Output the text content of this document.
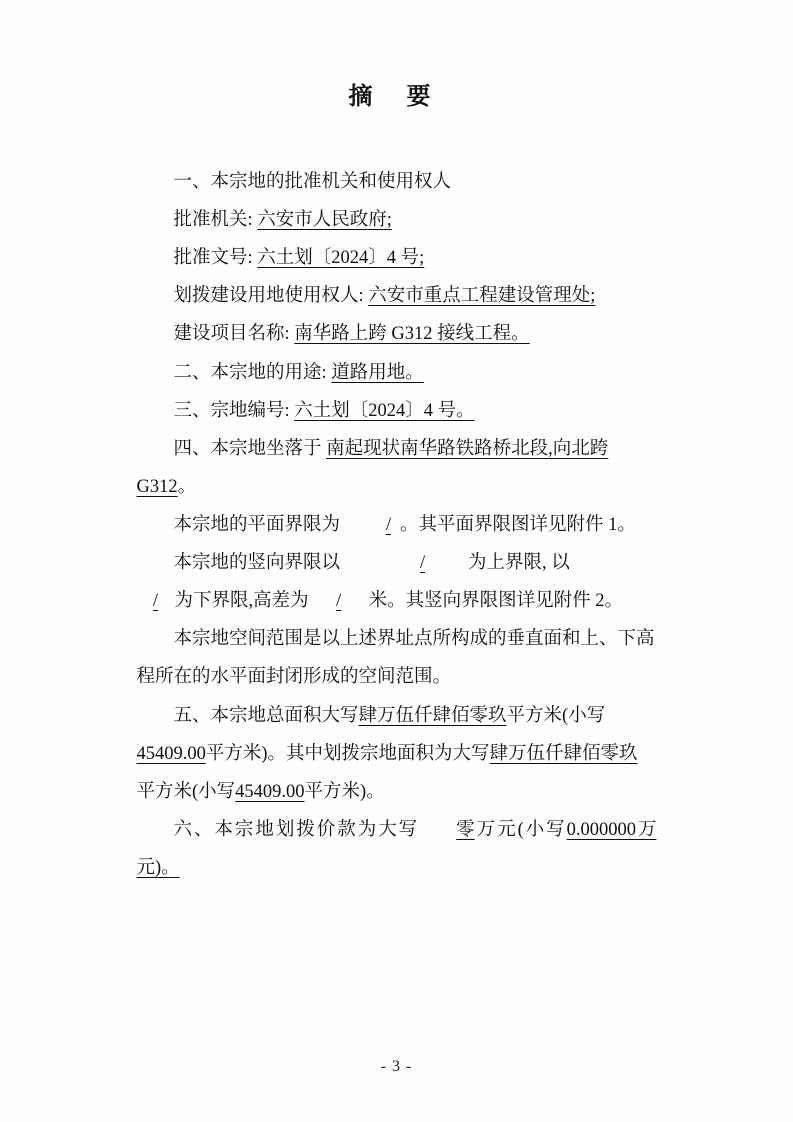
摘 要

一、本宗地的批准机关和使用权人

批准机关: 六安市人民政府;

批准文号: 六土划〔2024〕4 号;

划拨建设用地使用权人: 六安市重点工程建设管理处;

建设项目名称: 南华路上跨 G312 接线工程。

二、本宗地的用途: 道路用地。

三、宗地编号: 六土划〔2024〕4 号。

四、本宗地坐落于 南起现状南华路铁路桥北段,向北跨

G312。

本宗地的平面界限为 / 。其平面界限图详见附件 1。

本宗地的竖向界限以	/ 为上界限, 以

/ 为下界限,高差为 / 米。其竖向界限图详见附件 2。

本宗地空间范围是以上述界址点所构成的垂直面和上、下高

程所在的水平面封闭形成的空间范围。

五、本宗地总面积大写肆万伍仟肆佰零玖平方米(小写

45409.00平方米)。其中划拨宗地面积为大写肆万伍仟肆佰零玖

平方米(小写45409.00平方米)。

六、本宗地划拨价款为大写 零万元(小写0.000000万元)。

- 3 -
